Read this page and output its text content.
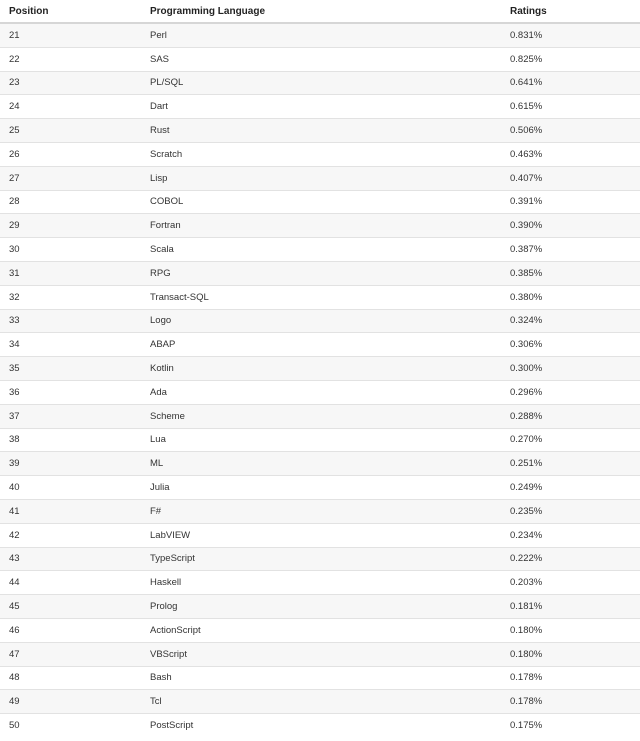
Position	Programming Language	Ratings
21	Perl	0.831%
22	SAS	0.825%
23	PL/SQL	0.641%
24	Dart	0.615%
25	Rust	0.506%
26	Scratch	0.463%
27	Lisp	0.407%
28	COBOL	0.391%
29	Fortran	0.390%
30	Scala	0.387%
31	RPG	0.385%
32	Transact-SQL	0.380%
33	Logo	0.324%
34	ABAP	0.306%
35	Kotlin	0.300%
36	Ada	0.296%
37	Scheme	0.288%
38	Lua	0.270%
39	ML	0.251%
40	Julia	0.249%
41	F#	0.235%
42	LabVIEW	0.234%
43	TypeScript	0.222%
44	Haskell	0.203%
45	Prolog	0.181%
46	ActionScript	0.180%
47	VBScript	0.180%
48	Bash	0.178%
49	Tcl	0.178%
50	PostScript	0.175%
